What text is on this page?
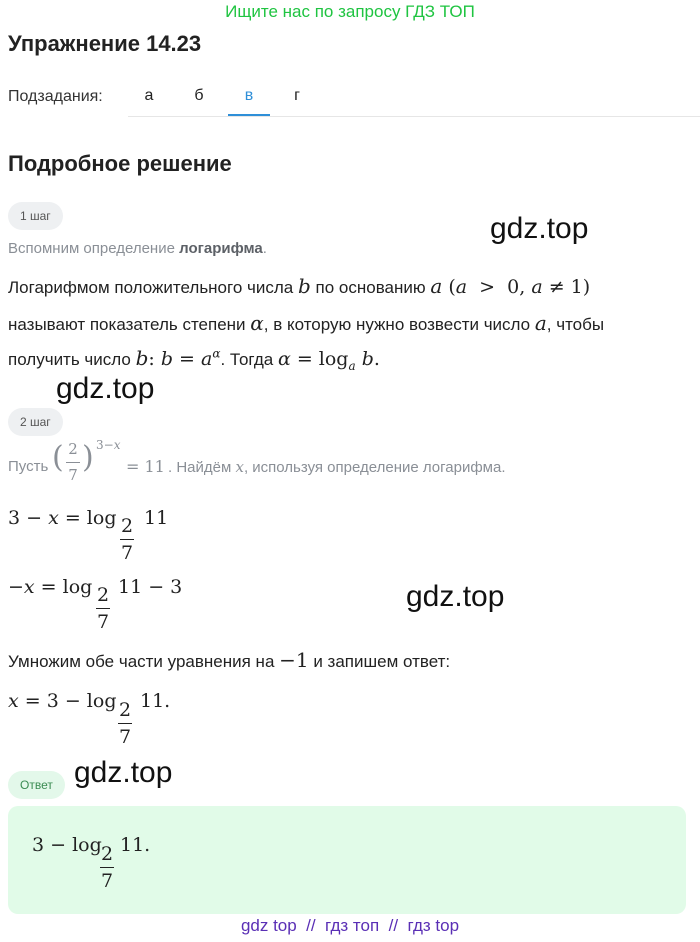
Ищите нас по запросу ГДЗ ТОП
Упражнение 14.23
Подзадания:	а	б	в	г
Подробное решение
1 шаг
Вспомним определение логарифма.
Логарифмом положительного числа b по основанию a (a  >  0, a ≠ 1)
называют показатель степени α, в которую нужно возвести число a, чтобы
получить число b: $b = a^\alpha$. Тогда $\alpha = \log_a b$.
2 шаг
Пусть ( 2
7 ) 3−x
= 11 . Найдём x, используя определение логарифма.
3 − x = log 2
7
11
−x = log 2
7
11 − 3
Умножим обе части уравнения на −1 и запишем ответ:
x = 3 − log 2
7
11.
Ответ
3 − log 2
7
11.
gdz.top
gdz.top
gdz.top
gdz.top
gdz top  //  гдз топ  //  гдз top
